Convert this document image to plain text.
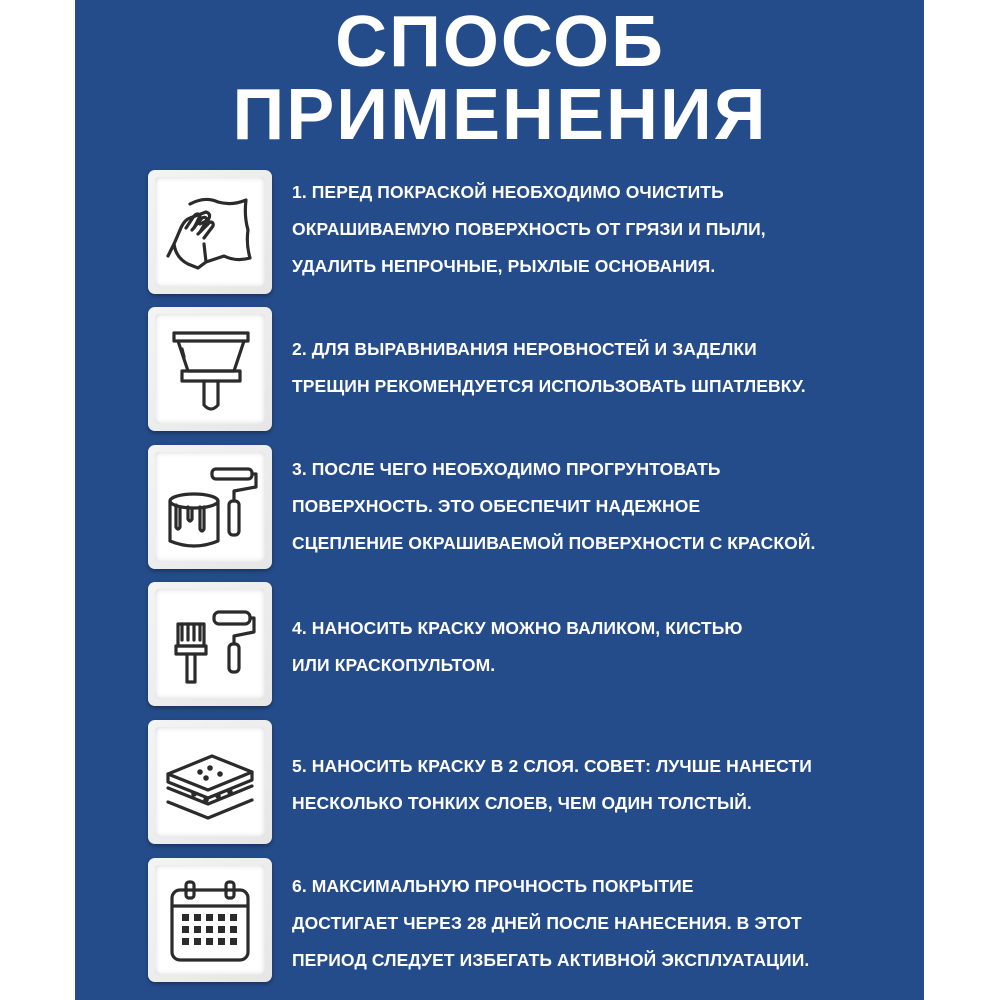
СПОСОБ
ПРИМЕНЕНИЯ
1. ПЕРЕД ПОКРАСКОЙ НЕОБХОДИМО ОЧИСТИТЬ
ОКРАШИВАЕМУЮ ПОВЕРХНОСТЬ ОТ ГРЯЗИ И ПЫЛИ,
УДАЛИТЬ НЕПРОЧНЫЕ, РЫХЛЫЕ ОСНОВАНИЯ.
2. ДЛЯ ВЫРАВНИВАНИЯ НЕРОВНОСТЕЙ И ЗАДЕЛКИ
ТРЕЩИН РЕКОМЕНДУЕТСЯ ИСПОЛЬЗОВАТЬ ШПАТЛЕВКУ.
3. ПОСЛЕ ЧЕГО НЕОБХОДИМО ПРОГРУНТОВАТЬ
ПОВЕРХНОСТЬ. ЭТО ОБЕСПЕЧИТ НАДЕЖНОЕ
СЦЕПЛЕНИЕ ОКРАШИВАЕМОЙ ПОВЕРХНОСТИ С КРАСКОЙ.
4. НАНОСИТЬ КРАСКУ МОЖНО ВАЛИКОМ, КИСТЬЮ
ИЛИ КРАСКОПУЛЬТОМ.
5. НАНОСИТЬ КРАСКУ В 2 СЛОЯ. СОВЕТ: ЛУЧШЕ НАНЕСТИ
НЕСКОЛЬКО ТОНКИХ СЛОЕВ, ЧЕМ ОДИН ТОЛСТЫЙ.
6. МАКСИМАЛЬНУЮ ПРОЧНОСТЬ ПОКРЫТИЕ
ДОСТИГАЕТ ЧЕРЕЗ 28 ДНЕЙ ПОСЛЕ НАНЕСЕНИЯ. В ЭТОТ
ПЕРИОД СЛЕДУЕТ ИЗБЕГАТЬ АКТИВНОЙ ЭКСПЛУАТАЦИИ.
